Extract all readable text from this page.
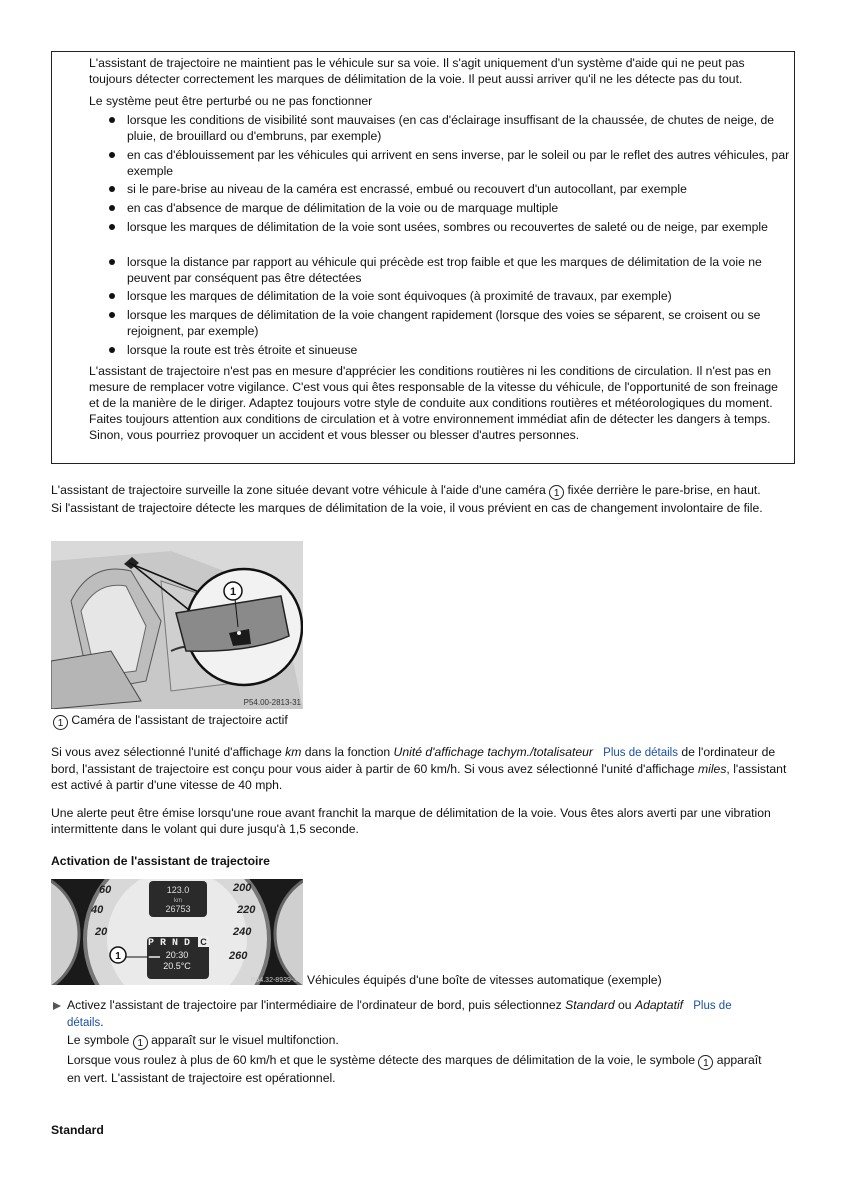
L'assistant de trajectoire ne maintient pas le véhicule sur sa voie. Il s'agit uniquement d'un système d'aide qui ne peut pas toujours détecter correctement les marques de délimitation de la voie. Il peut aussi arriver qu'il ne les détecte pas du tout.
Le système peut être perturbé ou ne pas fonctionner
lorsque les conditions de visibilité sont mauvaises (en cas d'éclairage insuffisant de la chaussée, de chutes de neige, de pluie, de brouillard ou d'embruns, par exemple)
en cas d'éblouissement par les véhicules qui arrivent en sens inverse, par le soleil ou par le reflet des autres véhicules, par exemple
si le pare-brise au niveau de la caméra est encrassé, embué ou recouvert d'un autocollant, par exemple
en cas d'absence de marque de délimitation de la voie ou de marquage multiple
lorsque les marques de délimitation de la voie sont usées, sombres ou recouvertes de saleté ou de neige, par exemple
lorsque la distance par rapport au véhicule qui précède est trop faible et que les marques de délimitation de la voie ne peuvent par conséquent pas être détectées
lorsque les marques de délimitation de la voie sont équivoques (à proximité de travaux, par exemple)
lorsque les marques de délimitation de la voie changent rapidement (lorsque des voies se séparent, se croisent ou se rejoignent, par exemple)
lorsque la route est très étroite et sinueuse
L'assistant de trajectoire n'est pas en mesure d'apprécier les conditions routières ni les conditions de circulation. Il n'est pas en mesure de remplacer votre vigilance. C'est vous qui êtes responsable de la vitesse du véhicule, de l'opportunité de son freinage et de la manière de le diriger. Adaptez toujours votre style de conduite aux conditions routières et météorologiques du moment. Faites toujours attention aux conditions de circulation et à votre environnement immédiat afin de détecter les dangers à temps. Sinon, vous pourriez provoquer un accident et vous blesser ou blesser d'autres personnes.
L'assistant de trajectoire surveille la zone située devant votre véhicule à l'aide d'une caméra 1 fixée derrière le pare-brise, en haut.
Si l'assistant de trajectoire détecte les marques de délimitation de la voie, il vous prévient en cas de changement involontaire de file.
1
P54.00-2813-31
1 Caméra de l'assistant de trajectoire actif
Si vous avez sélectionné l'unité d'affichage km dans la fonction Unité d'affichage tachym./totalisateur Plus de détails de l'ordinateur de bord, l'assistant de trajectoire est conçu pour vous aider à partir de 60 km/h. Si vous avez sélectionné l'unité d'affichage miles, l'assistant est activé à partir d'une vitesse de 40 mph.
Une alerte peut être émise lorsqu'une roue avant franchit la marque de délimitation de la voie. Vous êtes alors averti par une vibration intermittente dans le volant qui dure jusqu'à 1,5 seconde.
Activation de l'assistant de trajectoire
60
40
20
200
220
240
260
123.0
km
26753
P R N D C
20:30
20.5°C
1
P54.32-8939-31 Véhicules équipés d'une boîte de vitesses automatique (exemple)
Activez l'assistant de trajectoire par l'intermédiaire de l'ordinateur de bord, puis sélectionnez Standard ou Adaptatif Plus de
détails.
Le symbole 1 apparaît sur le visuel multifonction.
Lorsque vous roulez à plus de 60 km/h et que le système détecte des marques de délimitation de la voie, le symbole 1 apparaît
en vert. L'assistant de trajectoire est opérationnel.
Standard
